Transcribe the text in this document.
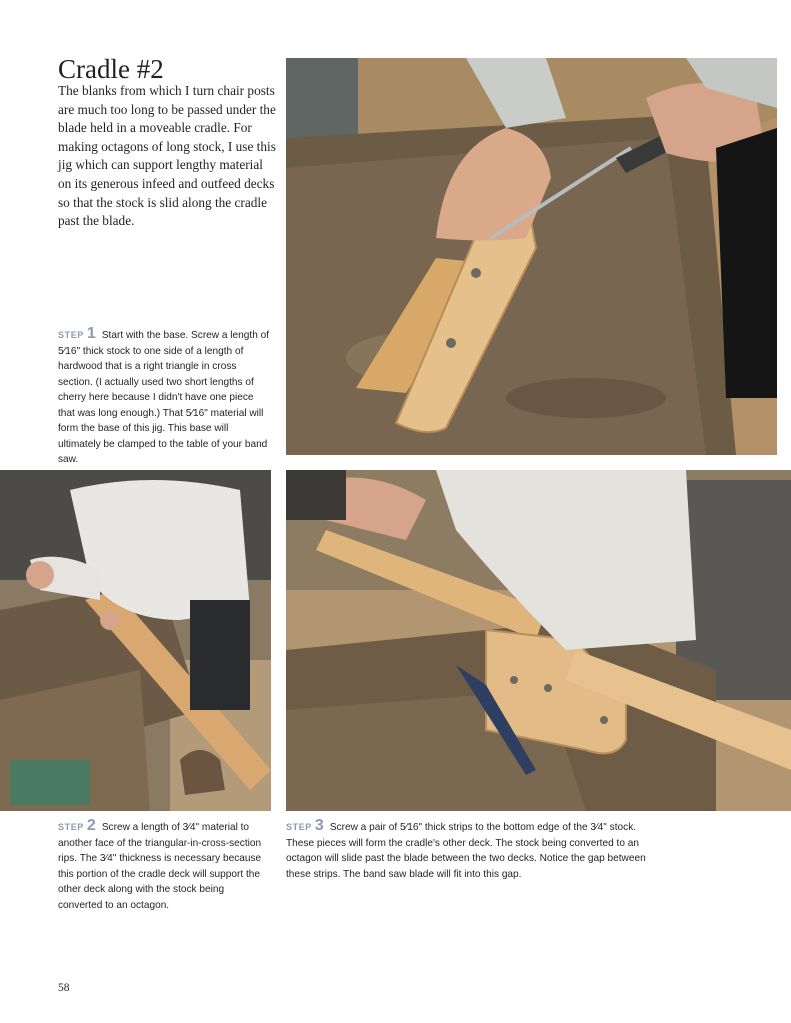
Cradle #2

The blanks from which I turn chair posts are much too long to be passed under the blade held in a moveable cradle. For making octagons of long stock, I use this jig which can support lengthy material on its generous infeed and outfeed decks so that the stock is slid along the cradle past the blade.

STEP 1 Start with the base. Screw a length of 5⁄16" thick stock to one side of a length of hardwood that is a right triangle in cross section. (I actually used two short lengths of cherry here because I didn't have one piece that was long enough.) That 5⁄16" material will form the base of this jig. This base will ultimately be clamped to the table of your band saw.

STEP 2 Screw a length of 3⁄4" material to another face of the triangular-in-cross-section rips. The 3⁄4" thickness is necessary because this portion of the cradle deck will support the other deck along with the stock being converted to an octagon.

STEP 3 Screw a pair of 5⁄16" thick strips to the bottom edge of the 3⁄4" stock. These pieces will form the cradle's other deck. The stock being converted to an octagon will slide past the blade between the two decks. Notice the gap between these strips. The band saw blade will fit into this gap.

58
